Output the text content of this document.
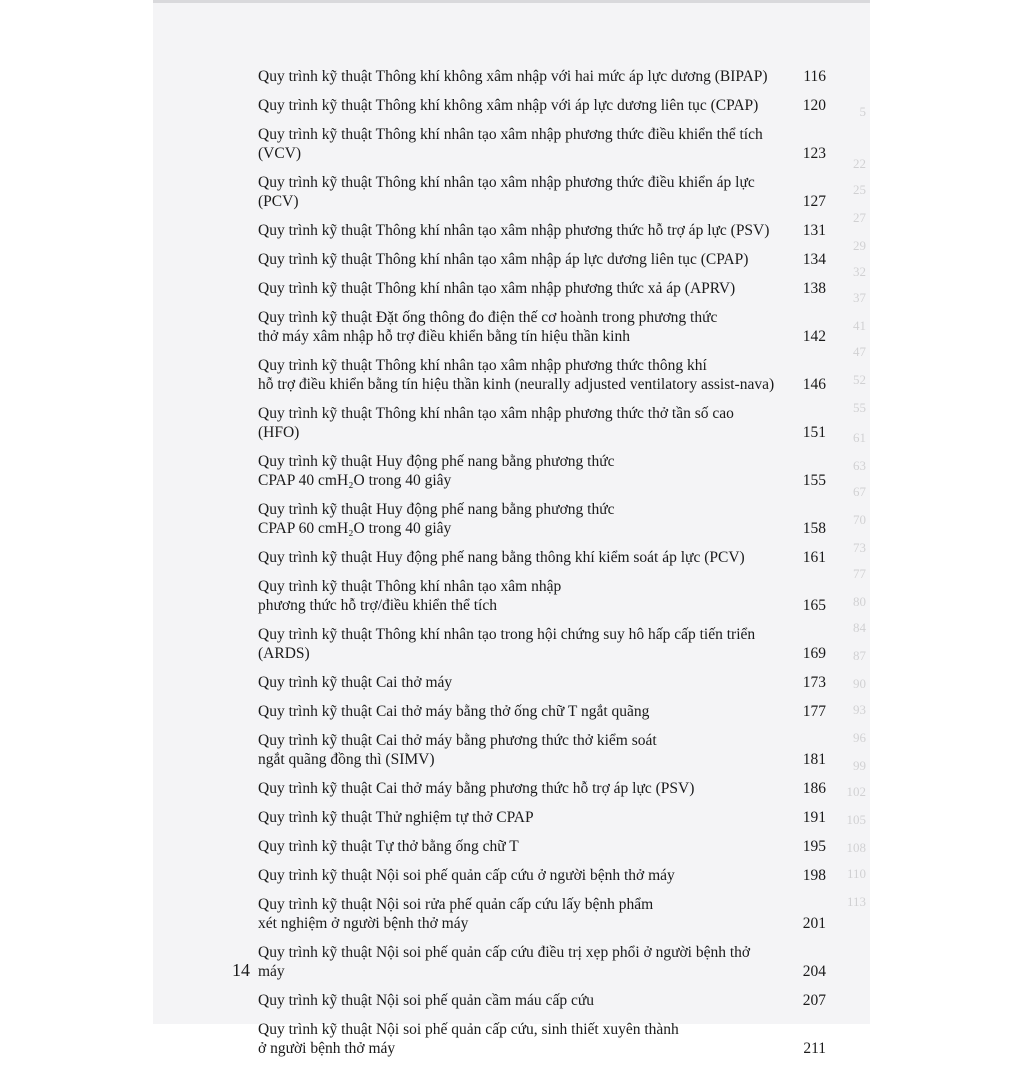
5
22
25
27
29
32
37
41
47
52
55
61
63
67
70
73
77
80
84
87
90
93
96
99
102
105
108
110
113
Quy trình kỹ thuật Thông khí không xâm nhập với hai mức áp lực dương (BIPAP)	116
Quy trình kỹ thuật Thông khí không xâm nhập với áp lực dương liên tục (CPAP)	120
Quy trình kỹ thuật Thông khí nhân tạo xâm nhập phương thức điều khiển thể tích (VCV)	123
Quy trình kỹ thuật Thông khí nhân tạo xâm nhập phương thức điều khiển áp lực (PCV)	127
Quy trình kỹ thuật Thông khí nhân tạo xâm nhập phương thức hỗ trợ áp lực (PSV)	131
Quy trình kỹ thuật Thông khí nhân tạo xâm nhập áp lực dương liên tục (CPAP)	134
Quy trình kỹ thuật Thông khí nhân tạo xâm nhập phương thức xả áp (APRV)	138
Quy trình kỹ thuật Đặt ống thông đo điện thế cơ hoành trong phương thức
thở máy xâm nhập hỗ trợ điều khiển bằng tín hiệu thần kinh	142
Quy trình kỹ thuật Thông khí nhân tạo xâm nhập phương thức thông khí
hỗ trợ điều khiển bằng tín hiệu thần kinh (neurally adjusted ventilatory assist-nava)	146
Quy trình kỹ thuật Thông khí nhân tạo xâm nhập phương thức thở tần số cao (HFO)	151
Quy trình kỹ thuật Huy động phế nang bằng phương thức
CPAP 40 cmH₂O trong 40 giây	155
Quy trình kỹ thuật Huy động phế nang bằng phương thức
CPAP 60 cmH₂O trong 40 giây	158
Quy trình kỹ thuật Huy động phế nang bằng thông khí kiểm soát áp lực (PCV)	161
Quy trình kỹ thuật Thông khí nhân tạo xâm nhập
phương thức hỗ trợ/điều khiển thể tích	165
Quy trình kỹ thuật Thông khí nhân tạo trong hội chứng suy hô hấp cấp tiến triển (ARDS)	169
Quy trình kỹ thuật Cai thở máy	173
Quy trình kỹ thuật Cai thở máy bằng thở ống chữ T ngắt quãng	177
Quy trình kỹ thuật Cai thở máy bằng phương thức thở kiểm soát
ngắt quãng đồng thì (SIMV)	181
Quy trình kỹ thuật Cai thở máy bằng phương thức hỗ trợ áp lực (PSV)	186
Quy trình kỹ thuật Thử nghiệm tự thở CPAP	191
Quy trình kỹ thuật Tự thở bằng ống chữ T	195
Quy trình kỹ thuật Nội soi phế quản cấp cứu ở người bệnh thở máy	198
Quy trình kỹ thuật Nội soi rửa phế quản cấp cứu lấy bệnh phẩm
xét nghiệm ở người bệnh thở máy	201
Quy trình kỹ thuật Nội soi phế quản cấp cứu điều trị xẹp phổi ở người bệnh thở máy	204
Quy trình kỹ thuật Nội soi phế quản cầm máu cấp cứu	207
Quy trình kỹ thuật Nội soi phế quản cấp cứu, sinh thiết xuyên thành
ở người bệnh thở máy	211
14
